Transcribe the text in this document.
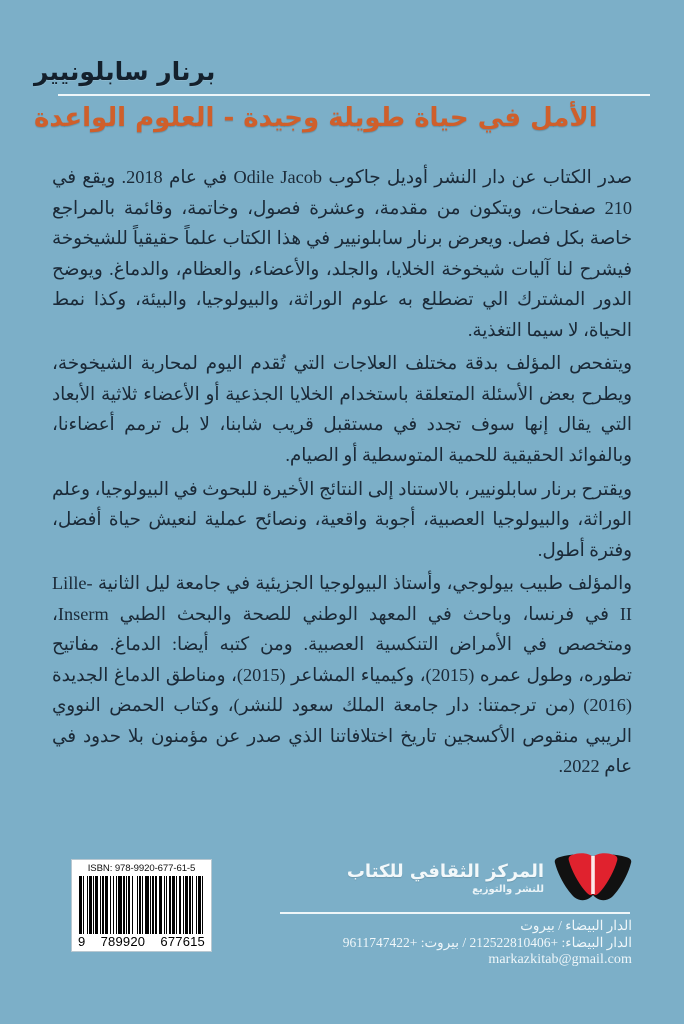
برنار سابلونيير
الأمل في حياة طويلة وجيدة - العلوم الواعدة

صدر الكتاب عن دار النشر أوديل جاكوب Odile Jacob في عام 2018. ويقع في 210 صفحات، ويتكون من مقدمة، وعشرة فصول، وخاتمة، وقائمة بالمراجع خاصة بكل فصل. ويعرض برنار سابلونيير في هذا الكتاب علماً حقيقياً للشيخوخة فيشرح لنا آليات شيخوخة الخلايا، والجلد، والأعضاء، والعظام، والدماغ. ويوضح الدور المشترك الي تضطلع به علوم الوراثة، والبيولوجيا، والبيئة، وكذا نمط الحياة، لا سيما التغذية.

ويتفحص المؤلف بدقة مختلف العلاجات التي تُقدم اليوم لمحاربة الشيخوخة، ويطرح بعض الأسئلة المتعلقة باستخدام الخلايا الجذعية أو الأعضاء ثلاثية الأبعاد التي يقال إنها سوف تجدد في مستقبل قريب شابنا، لا بل ترمم أعضاءنا، وبالفوائد الحقيقية للحمية المتوسطية أو الصيام.

ويقترح برنار سابلونيير، بالاستناد إلى النتائج الأخيرة للبحوث في البيولوجيا، وعلم الوراثة، والبيولوجيا العصبية، أجوبة واقعية، ونصائح عملية لنعيش حياة أفضل، وفترة أطول.

والمؤلف طبيب بيولوجي، وأستاذ البيولوجيا الجزيئية في جامعة ليل الثانية Lille-II في فرنسا، وباحث في المعهد الوطني للصحة والبحث الطبي Inserm، ومتخصص في الأمراض التنكسية العصبية. ومن كتبه أيضا: الدماغ. مفاتيح تطوره، وطول عمره (2015)، وكيمياء المشاعر (2015)، ومناطق الدماغ الجديدة (2016) (من ترجمتنا: دار جامعة الملك سعود للنشر)، وكتاب الحمض النووي الريبي منقوص الأكسجين تاريخ اختلافاتنا الذي صدر عن مؤمنون بلا حدود في عام 2022.

ISBN: 978-9920-677-61-5
9 789920 677615
المركز الثقافي للكتاب
للنشر والتوزيع
الدار البيضاء / بيروت
الدار البيضاء: +212522810406 / بيروت: +9611747422
markazkitab@gmail.com
